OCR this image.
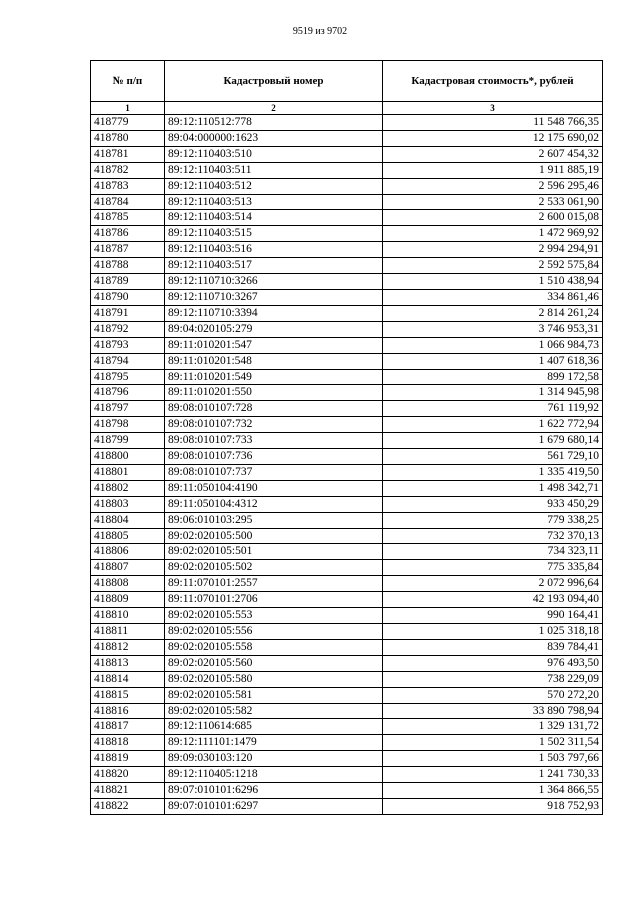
9519 из 9702
№ п/п	Кадастровый номер	Кадастровая стоимость*, рублей
1	2	3
418779	89:12:110512:778	11 548 766,35
418780	89:04:000000:1623	12 175 690,02
418781	89:12:110403:510	2 607 454,32
418782	89:12:110403:511	1 911 885,19
418783	89:12:110403:512	2 596 295,46
418784	89:12:110403:513	2 533 061,90
418785	89:12:110403:514	2 600 015,08
418786	89:12:110403:515	1 472 969,92
418787	89:12:110403:516	2 994 294,91
418788	89:12:110403:517	2 592 575,84
418789	89:12:110710:3266	1 510 438,94
418790	89:12:110710:3267	334 861,46
418791	89:12:110710:3394	2 814 261,24
418792	89:04:020105:279	3 746 953,31
418793	89:11:010201:547	1 066 984,73
418794	89:11:010201:548	1 407 618,36
418795	89:11:010201:549	899 172,58
418796	89:11:010201:550	1 314 945,98
418797	89:08:010107:728	761 119,92
418798	89:08:010107:732	1 622 772,94
418799	89:08:010107:733	1 679 680,14
418800	89:08:010107:736	561 729,10
418801	89:08:010107:737	1 335 419,50
418802	89:11:050104:4190	1 498 342,71
418803	89:11:050104:4312	933 450,29
418804	89:06:010103:295	779 338,25
418805	89:02:020105:500	732 370,13
418806	89:02:020105:501	734 323,11
418807	89:02:020105:502	775 335,84
418808	89:11:070101:2557	2 072 996,64
418809	89:11:070101:2706	42 193 094,40
418810	89:02:020105:553	990 164,41
418811	89:02:020105:556	1 025 318,18
418812	89:02:020105:558	839 784,41
418813	89:02:020105:560	976 493,50
418814	89:02:020105:580	738 229,09
418815	89:02:020105:581	570 272,20
418816	89:02:020105:582	33 890 798,94
418817	89:12:110614:685	1 329 131,72
418818	89:12:111101:1479	1 502 311,54
418819	89:09:030103:120	1 503 797,66
418820	89:12:110405:1218	1 241 730,33
418821	89:07:010101:6296	1 364 866,55
418822	89:07:010101:6297	918 752,93
